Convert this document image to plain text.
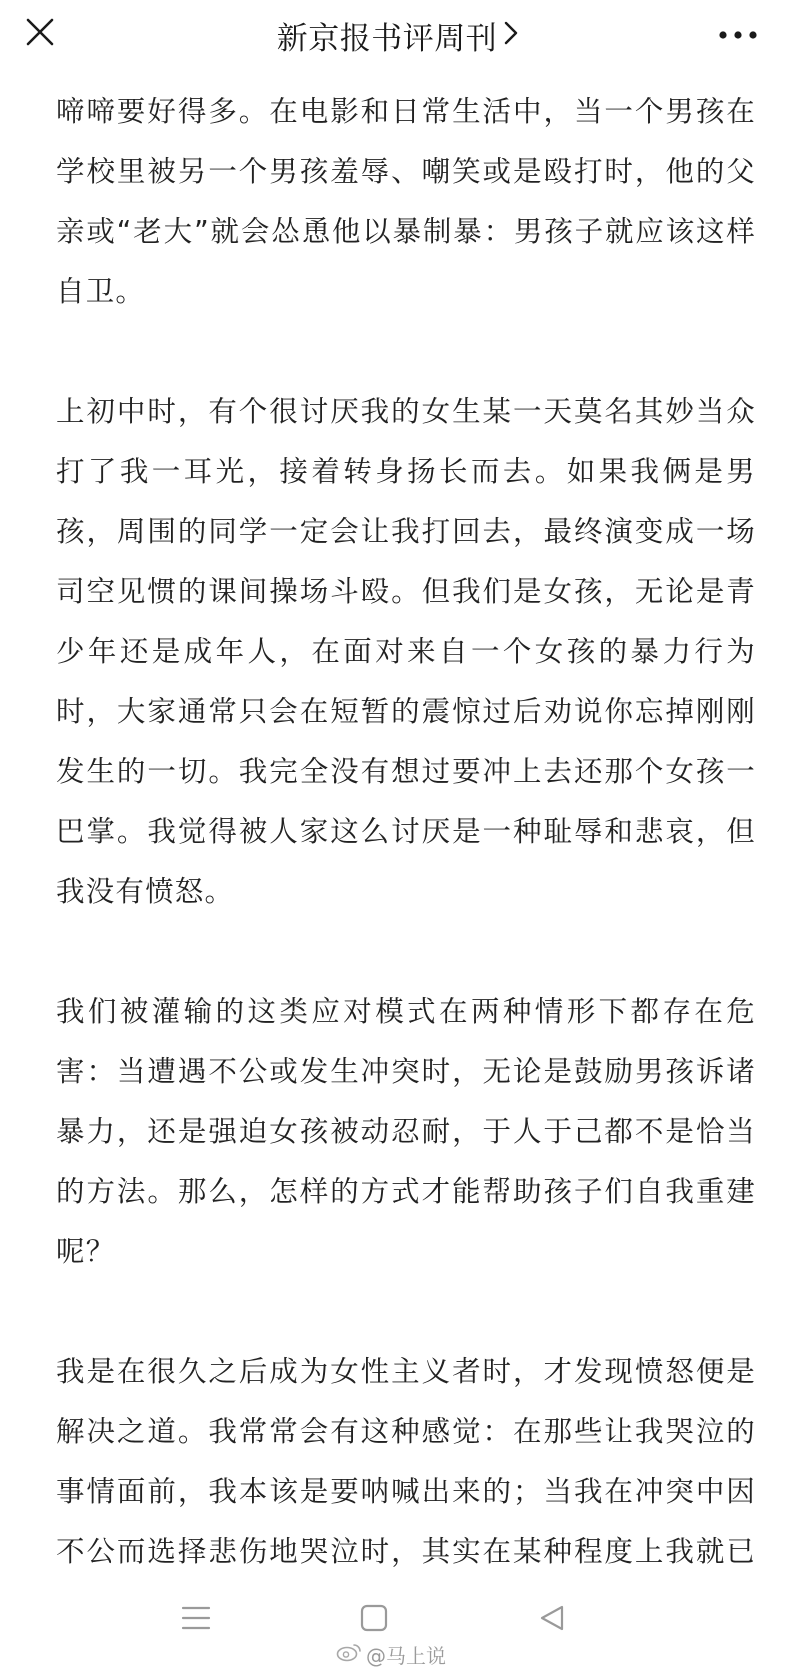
新京报书评周刊

啼啼要好得多。在电影和日常生活中，当一个男孩在学校里被另一个男孩羞辱、嘲笑或是殴打时，他的父亲或“老大”就会怂恿他以暴制暴：男孩子就应该这样自卫。

上初中时，有个很讨厌我的女生某一天莫名其妙当众打了我一耳光，接着转身扬长而去。如果我俩是男孩，周围的同学一定会让我打回去，最终演变成一场司空见惯的课间操场斗殴。但我们是女孩，无论是青少年还是成年人，在面对来自一个女孩的暴力行为时，大家通常只会在短暂的震惊过后劝说你忘掉刚刚发生的一切。我完全没有想过要冲上去还那个女孩一巴掌。我觉得被人家这么讨厌是一种耻辱和悲哀，但我没有愤怒。

我们被灌输的这类应对模式在两种情形下都存在危害：当遭遇不公或发生冲突时，无论是鼓励男孩诉诸暴力，还是强迫女孩被动忍耐，于人于己都不是恰当的方法。那么，怎样的方式才能帮助孩子们自我重建呢？

我是在很久之后成为女性主义者时，才发现愤怒便是解决之道。我常常会有这种感觉：在那些让我哭泣的事情面前，我本该是要呐喊出来的；当我在冲突中因不公而选择悲伤地哭泣时，其实在某种程度上我就已

@马上说
